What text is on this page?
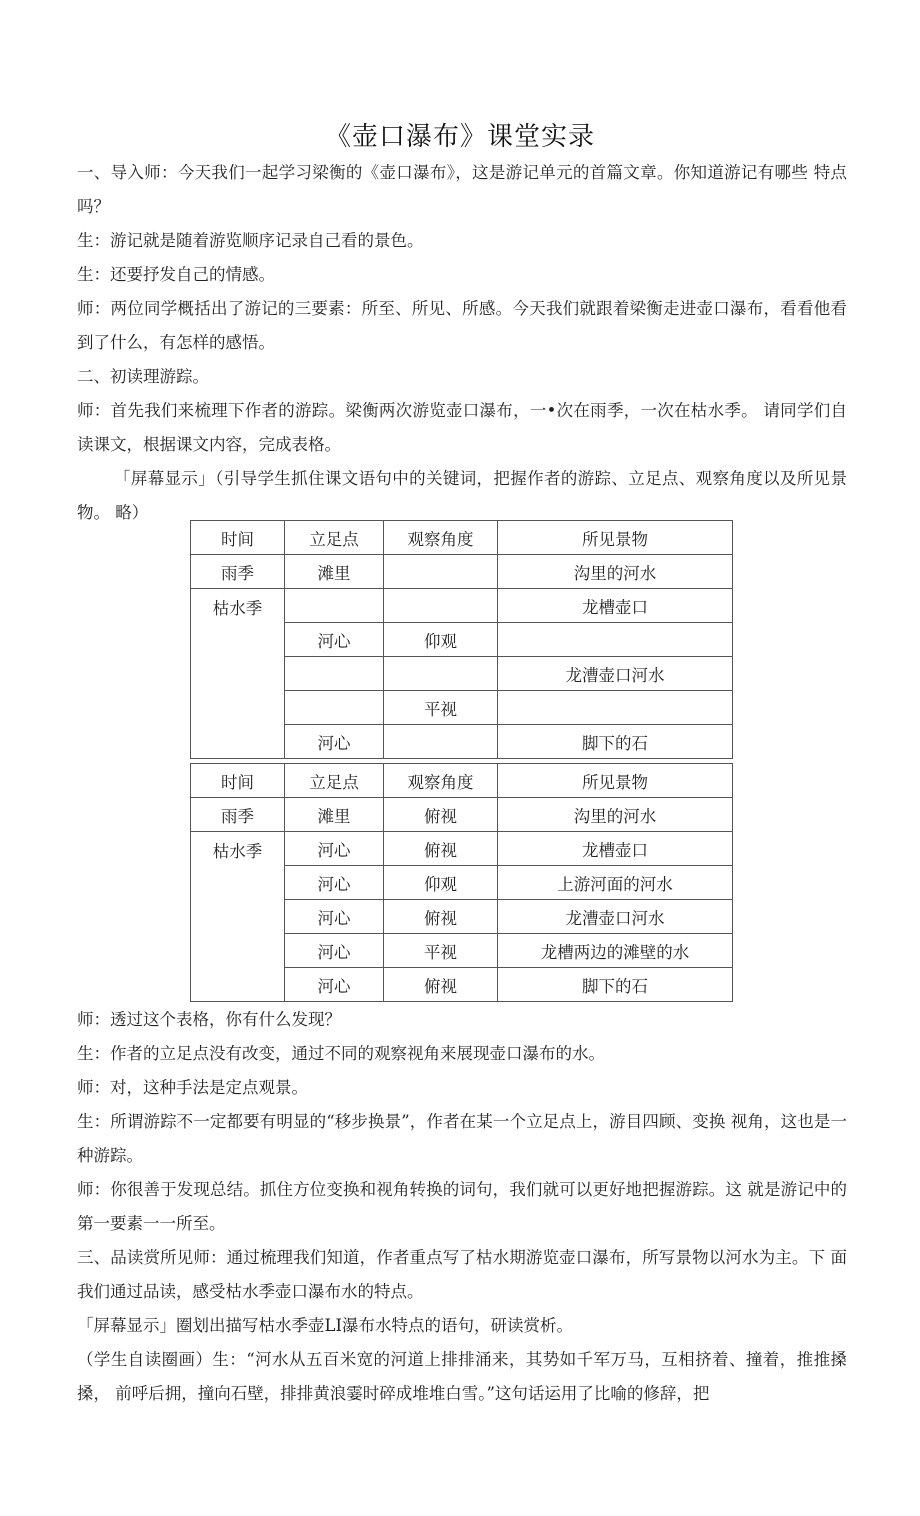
《壶口瀑布》课堂实录

一、导入师：今天我们一起学习梁衡的《壶口瀑布》，这是游记单元的首篇文章。你知道游记有哪些 特点吗？

生：游记就是随着游览顺序记录自己看的景色。

生：还要抒发自己的情感。

师：两位同学概括出了游记的三要素：所至、所见、所感。今天我们就跟着梁衡走进壶口瀑布，看看他看到了什么，有怎样的感悟。

二、初读理游踪。

师：首先我们来梳理下作者的游踪。梁衡两次游览壶口瀑布，一•次在雨季，一次在枯水季。 请同学们自读课文，根据课文内容，完成表格。

「屏幕显示」（引导学生抓住课文语句中的关键词，把握作者的游踪、立足点、观察角度以及所见景物。 略）

时间	立足点	观察角度	所见景物
雨季	滩里		沟里的河水
枯水季			龙槽壶口
	河心	仰观	
			龙漕壶口河水
		平视	
	河心		脚下的石
时间	立足点	观察角度	所见景物
雨季	滩里	俯视	沟里的河水
枯水季	河心	俯视	龙槽壶口
	河心	仰观	上游河面的河水
	河心	俯视	龙漕壶口河水
	河心	平视	龙槽两边的滩壁的水
	河心	俯视	脚下的石

师：透过这个表格，你有什么发现？

生：作者的立足点没有改变，通过不同的观察视角来展现壶口瀑布的水。

师：对，这种手法是定点观景。

生：所谓游踪不一定都要有明显的“移步换景”，作者在某一个立足点上，游目四顾、变换 视角，这也是一种游踪。

师：你很善于发现总结。抓住方位变换和视角转换的词句，我们就可以更好地把握游踪。这 就是游记中的第一要素一一所至。

三、品读赏所见师：通过梳理我们知道，作者重点写了枯水期游览壶口瀑布，所写景物以河水为主。下 面我们通过品读，感受枯水季壶口瀑布水的特点。

「屏幕显示」圈划出描写枯水季壶LI瀑布水特点的语句，研读赏析。

（学生自读圈画）生：“河水从五百米宽的河道上排排涌来，其势如千军万马，互相挤着、撞着，推推搡搡， 前呼后拥，撞向石壁，排排黄浪霎时碎成堆堆白雪。”这句话运用了比喻的修辞，把
